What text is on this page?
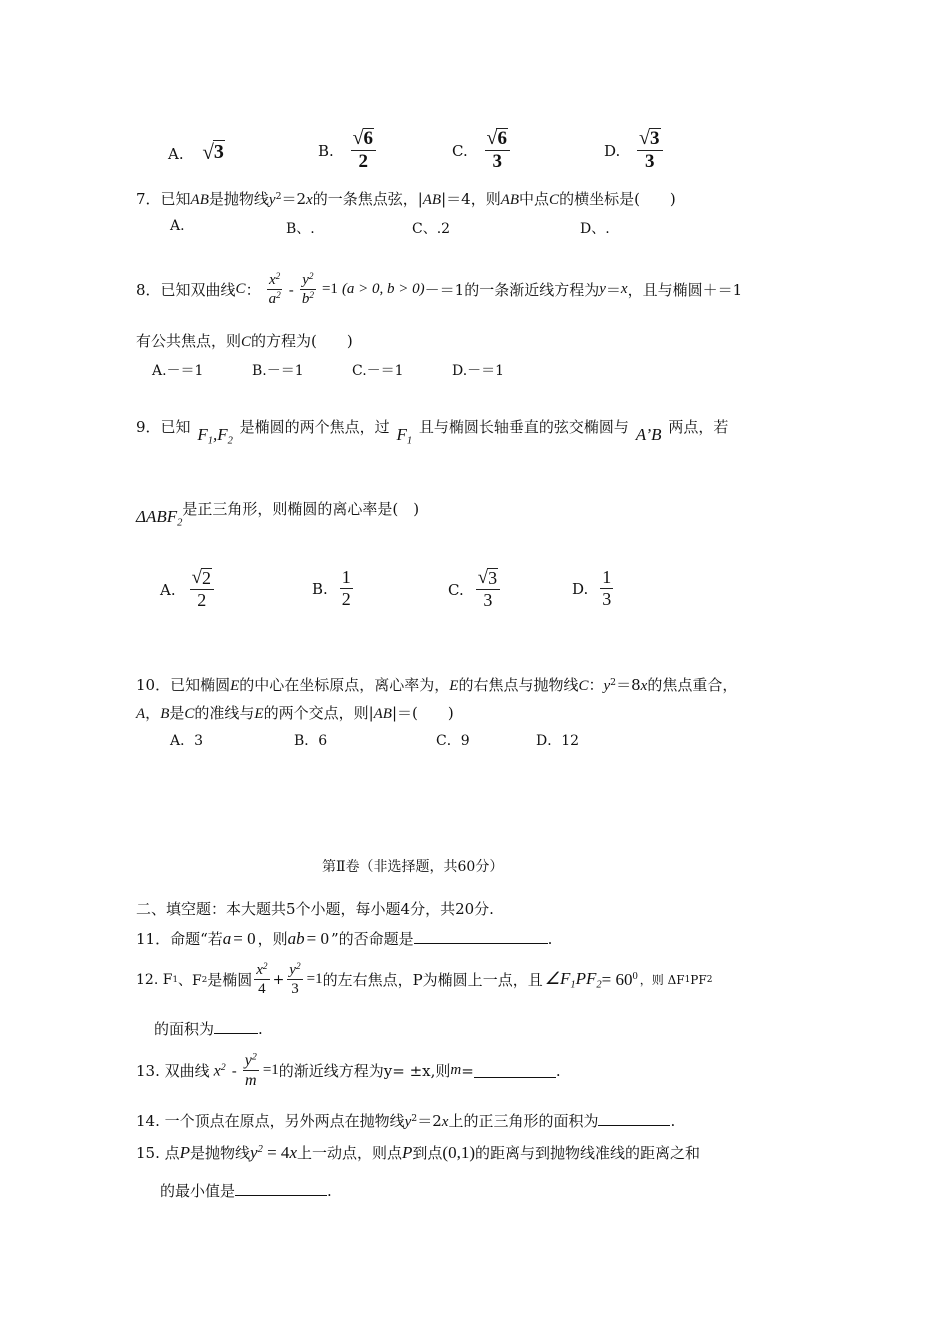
A. √ 3	B. $\frac{√ 6}{2}$	C. $\frac{√ 6}{3}$	D. $\frac{√ 3}{3}$
7．已知AB是抛物线$y^2=2x$的一条焦点弦，|AB|＝4，则AB中点C的横坐标是(　　)
A.	B、.	C、.2	D、.
8．已知双曲线 C ： $\frac{x^2}{a^2} - \frac{y^2}{b^2} =1$ (a > 0, b > 0) －＝1的一条渐近线方程为 y ＝ x ，且与椭圆＋＝1
有公共焦点，则C的方程为(　　)
A.－＝1	B.－＝1	C.－＝1	D.－＝1
9．已知 $F_1,F_2$ 是椭圆的两个焦点，过 $F_1$ 且与椭圆长轴垂直的弦交椭圆与 A’B 两点，若
$\Delta ABF_2$是正三角形，则椭圆的离心率是(　)
A. $\frac{√ 2}{2}$	B. $\frac{1}{2}$	C. $\frac{√ 3}{3}$	D. $\frac{1}{3}$
10．已知椭圆E的中心在坐标原点，离心率为，E的右焦点与抛物线C：$y^2=8x$的焦点重合，
A，B是C的准线与E的两个交点，则|AB|＝(　　)
A．3	B．6	C．9	D．12
第Ⅱ卷（非选择题，共60分）
二、填空题：本大题共5个小题，每小题4分，共20分.
11．命题“若a = 0 ，则ab = 0 ”的否命题是	.
12. F 1 、F 2 是椭圆 $\frac{x^2}{4} + \frac{y^2}{3} =1$ 的左右焦点，P为椭圆上一点，且 $\angle F_1PF_2 = 60^0$ ，则 ΔF 1 PF 2
的面积为	.
13. 双曲线 $x^2 - \frac{y^2}{m} =1$ 的渐近线方程为y= ±x,则 m =	.
14. 一个顶点在原点，另外两点在抛物线$y^2=2x$上的正三角形的面积为	.
15. 点P是抛物线$y^2 = 4x$上一动点，则点P到点(0,1)的距离与到抛物线准线的距离之和
的最小值是	.
